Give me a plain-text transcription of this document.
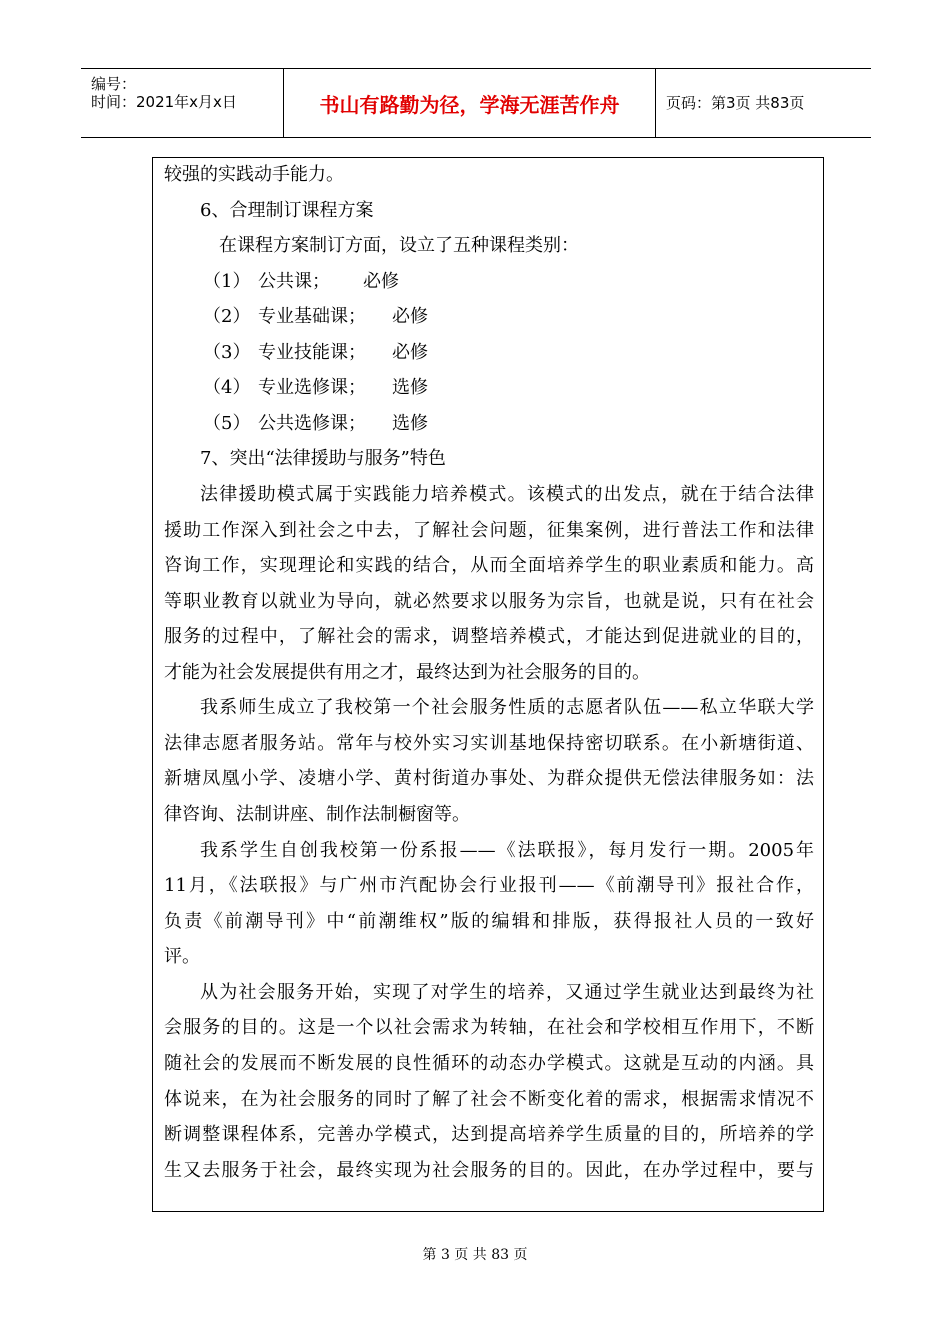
编号：
时间：2021年x月x日	书山有路勤为径，学海无涯苦作舟	页码：第3页 共83页
较强的实践动手能力。
6、合理制订课程方案
在课程方案制订方面，设立了五种课程类别：
（1） 公共课； 必修
（2） 专业基础课； 必修
（3） 专业技能课； 必修
（4） 专业选修课； 选修
（5） 公共选修课； 选修
7、突出“法律援助与服务”特色
法律援助模式属于实践能力培养模式。该模式的出发点，就在于结合法律
援助工作深入到社会之中去，了解社会问题，征集案例，进行普法工作和法律
咨询工作，实现理论和实践的结合，从而全面培养学生的职业素质和能力。高
等职业教育以就业为导向，就必然要求以服务为宗旨，也就是说，只有在社会
服务的过程中，了解社会的需求，调整培养模式，才能达到促进就业的目的，
才能为社会发展提供有用之才，最终达到为社会服务的目的。
我系师生成立了我校第一个社会服务性质的志愿者队伍——私立华联大学
法律志愿者服务站。常年与校外实习实训基地保持密切联系。在小新塘街道、
新塘凤凰小学、凌塘小学、黄村街道办事处、为群众提供无偿法律服务如：法
律咨询、法制讲座、制作法制橱窗等。
我系学生自创我校第一份系报——《法联报》，每月发行一期。2005年
11月，《法联报》与广州市汽配协会行业报刊——《前潮导刊》报社合作，
负责《前潮导刊》中“前潮维权”版的编辑和排版，获得报社人员的一致好
评。
从为社会服务开始，实现了对学生的培养，又通过学生就业达到最终为社
会服务的目的。这是一个以社会需求为转轴，在社会和学校相互作用下，不断
随社会的发展而不断发展的良性循环的动态办学模式。这就是互动的内涵。具
体说来，在为社会服务的同时了解了社会不断变化着的需求，根据需求情况不
断调整课程体系，完善办学模式，达到提高培养学生质量的目的，所培养的学
生又去服务于社会，最终实现为社会服务的目的。因此，在办学过程中，要与
第 3 页 共 83 页
